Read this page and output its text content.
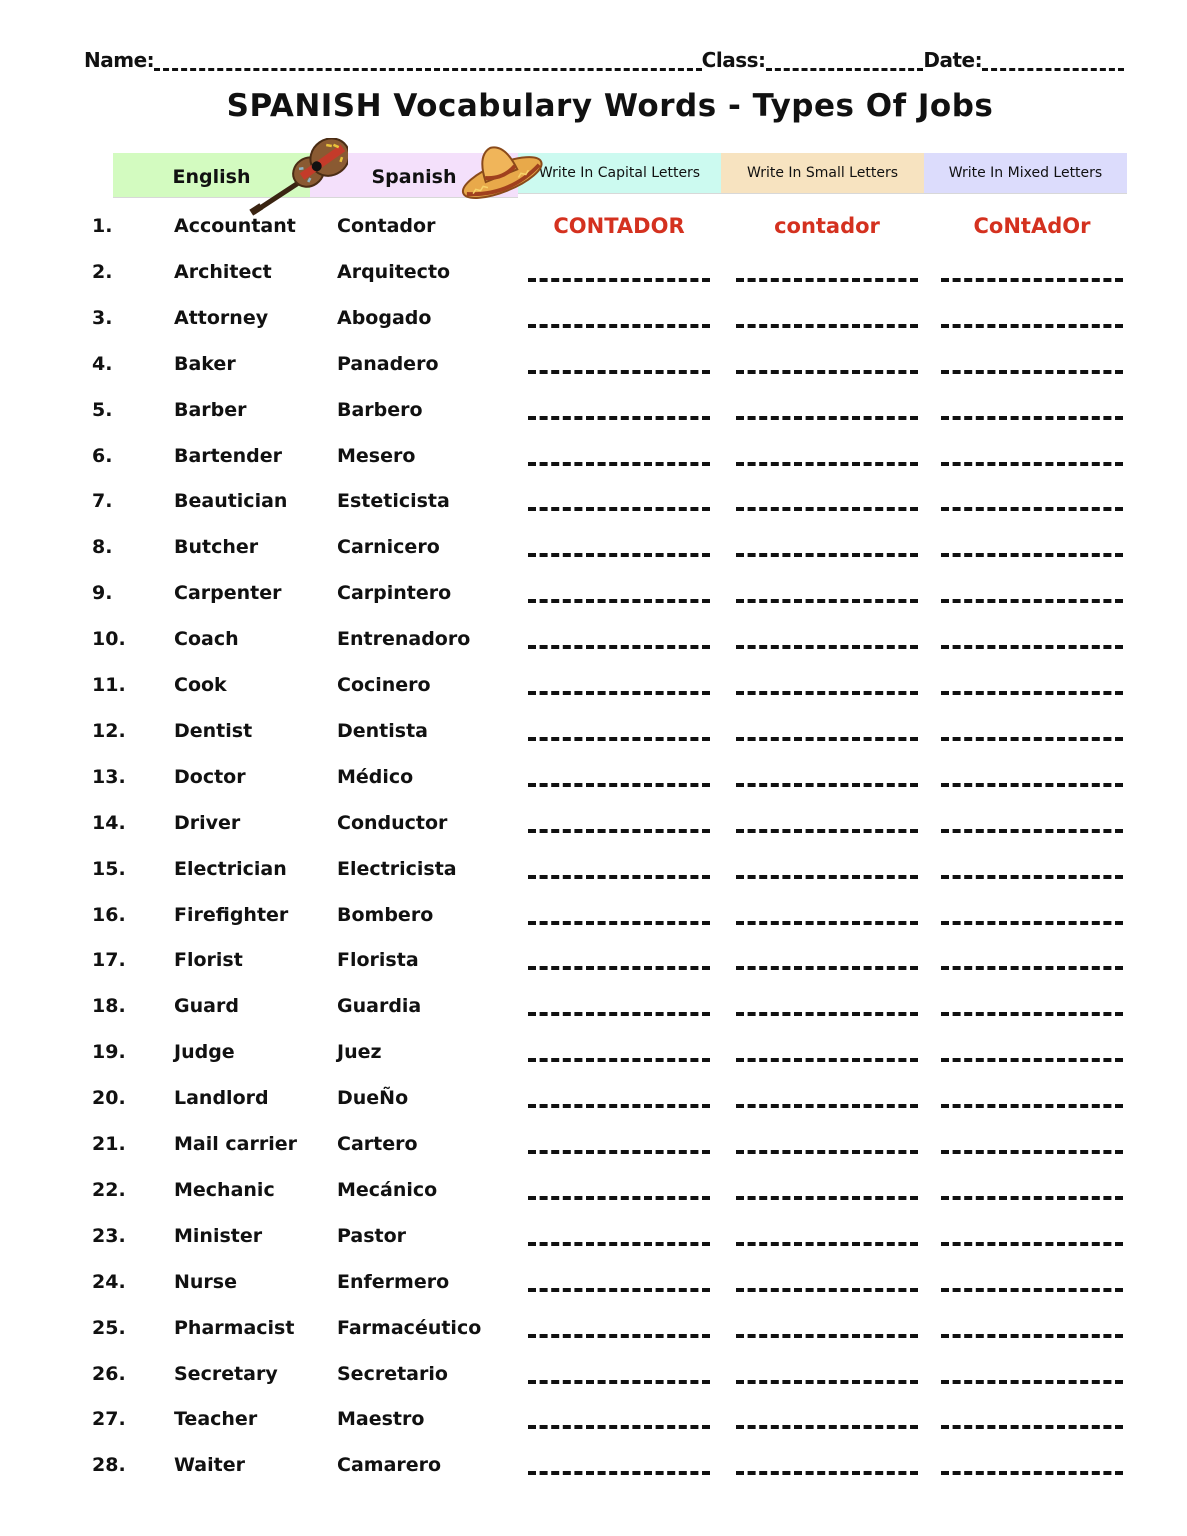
Name:	Class:	Date:
SPANISH Vocabulary Words - Types Of Jobs
English	Spanish	Write In Capital Letters	Write In Small Letters	Write In Mixed Letters
1.	Accountant	Contador	CONTADOR	contador	CoNtAdOr
2.	Architect	Arquitecto
3.	Attorney	Abogado
4.	Baker	Panadero
5.	Barber	Barbero
6.	Bartender	Mesero
7.	Beautician	Esteticista
8.	Butcher	Carnicero
9.	Carpenter	Carpintero
10.	Coach	Entrenadoro
11.	Cook	Cocinero
12.	Dentist	Dentista
13.	Doctor	Médico
14.	Driver	Conductor
15.	Electrician	Electricista
16.	Firefighter	Bombero
17.	Florist	Florista
18.	Guard	Guardia
19.	Judge	Juez
20.	Landlord	DueÑo
21.	Mail carrier	Cartero
22.	Mechanic	Mecánico
23.	Minister	Pastor
24.	Nurse	Enfermero
25.	Pharmacist	Farmacéutico
26.	Secretary	Secretario
27.	Teacher	Maestro
28.	Waiter	Camarero
